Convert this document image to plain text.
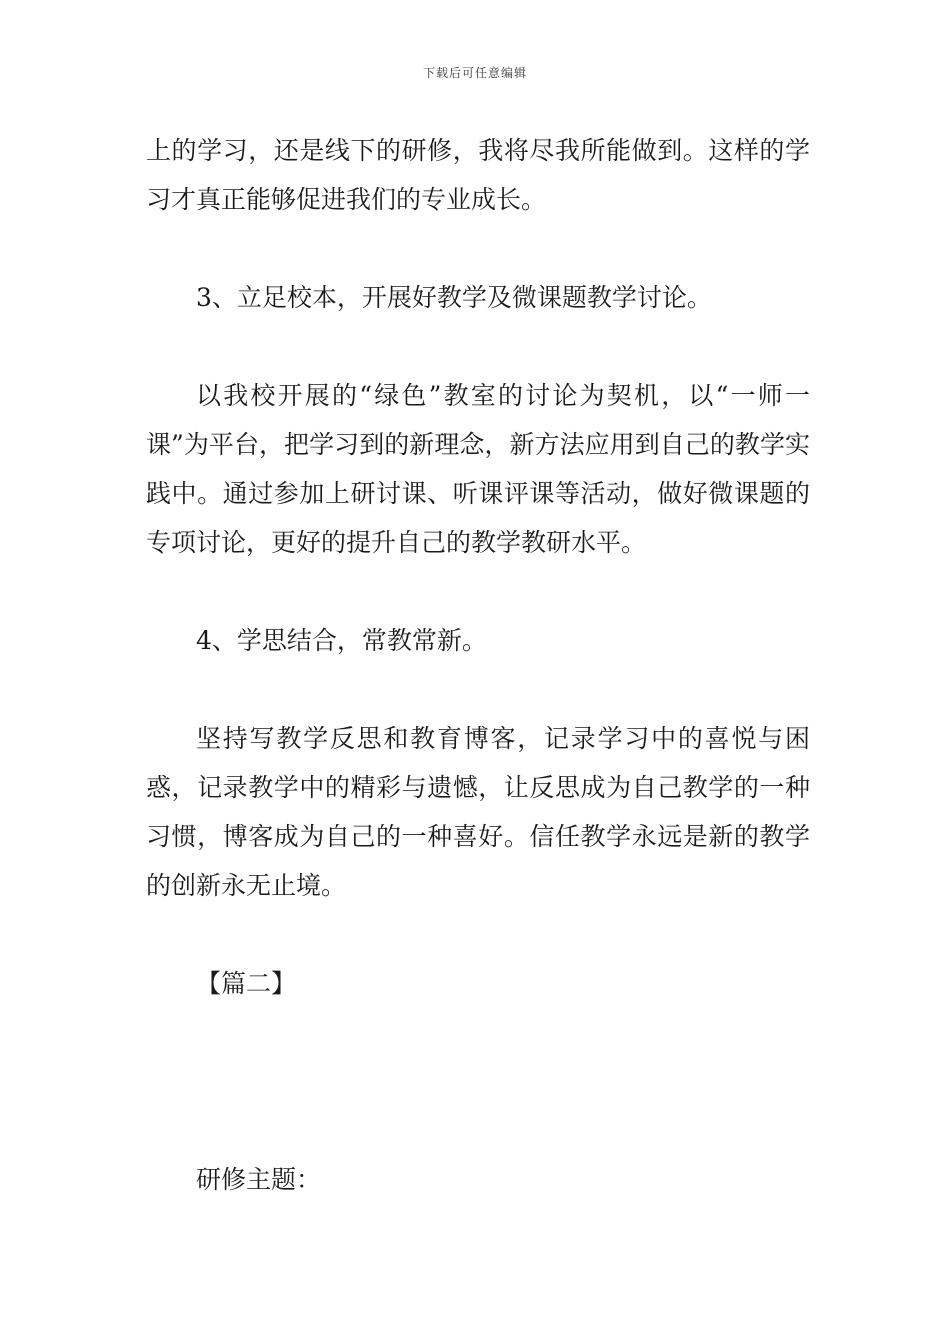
下载后可任意编辑

上的学习，还是线下的研修，我将尽我所能做到。这样的学习才真正能够促进我们的专业成长。

3、立足校本，开展好教学及微课题教学讨论。

以我校开展的“绿色”教室的讨论为契机，以“一师一课”为平台，把学习到的新理念，新方法应用到自己的教学实践中。通过参加上研讨课、听课评课等活动，做好微课题的专项讨论，更好的提升自己的教学教研水平。

4、学思结合，常教常新。

坚持写教学反思和教育博客，记录学习中的喜悦与困惑，记录教学中的精彩与遗憾，让反思成为自己教学的一种习惯，博客成为自己的一种喜好。信任教学永远是新的教学的创新永无止境。

【篇二】

研修主题：
